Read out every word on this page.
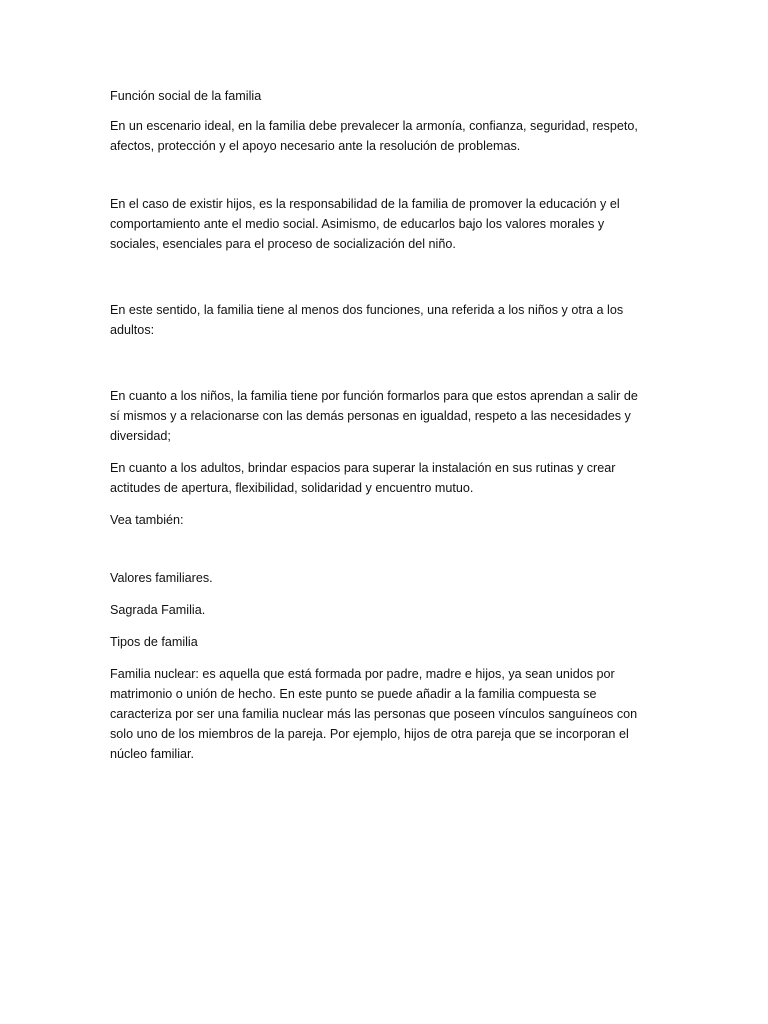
Función social de la familia

En un escenario ideal, en la familia debe prevalecer la armonía, confianza, seguridad, respeto,
afectos, protección y el apoyo necesario ante la resolución de problemas.

En el caso de existir hijos, es la responsabilidad de la familia de promover la educación y el
comportamiento ante el medio social. Asimismo, de educarlos bajo los valores morales y
sociales, esenciales para el proceso de socialización del niño.

En este sentido, la familia tiene al menos dos funciones, una referida a los niños y otra a los
adultos:

En cuanto a los niños, la familia tiene por función formarlos para que estos aprendan a salir de
sí mismos y a relacionarse con las demás personas en igualdad, respeto a las necesidades y
diversidad;

En cuanto a los adultos, brindar espacios para superar la instalación en sus rutinas y crear
actitudes de apertura, flexibilidad, solidaridad y encuentro mutuo.

Vea también:

Valores familiares.

Sagrada Familia.

Tipos de familia

Familia nuclear: es aquella que está formada por padre, madre e hijos, ya sean unidos por
matrimonio o unión de hecho. En este punto se puede añadir a la familia compuesta se
caracteriza por ser una familia nuclear más las personas que poseen vínculos sanguíneos con
solo uno de los miembros de la pareja. Por ejemplo, hijos de otra pareja que se incorporan el
núcleo familiar.
